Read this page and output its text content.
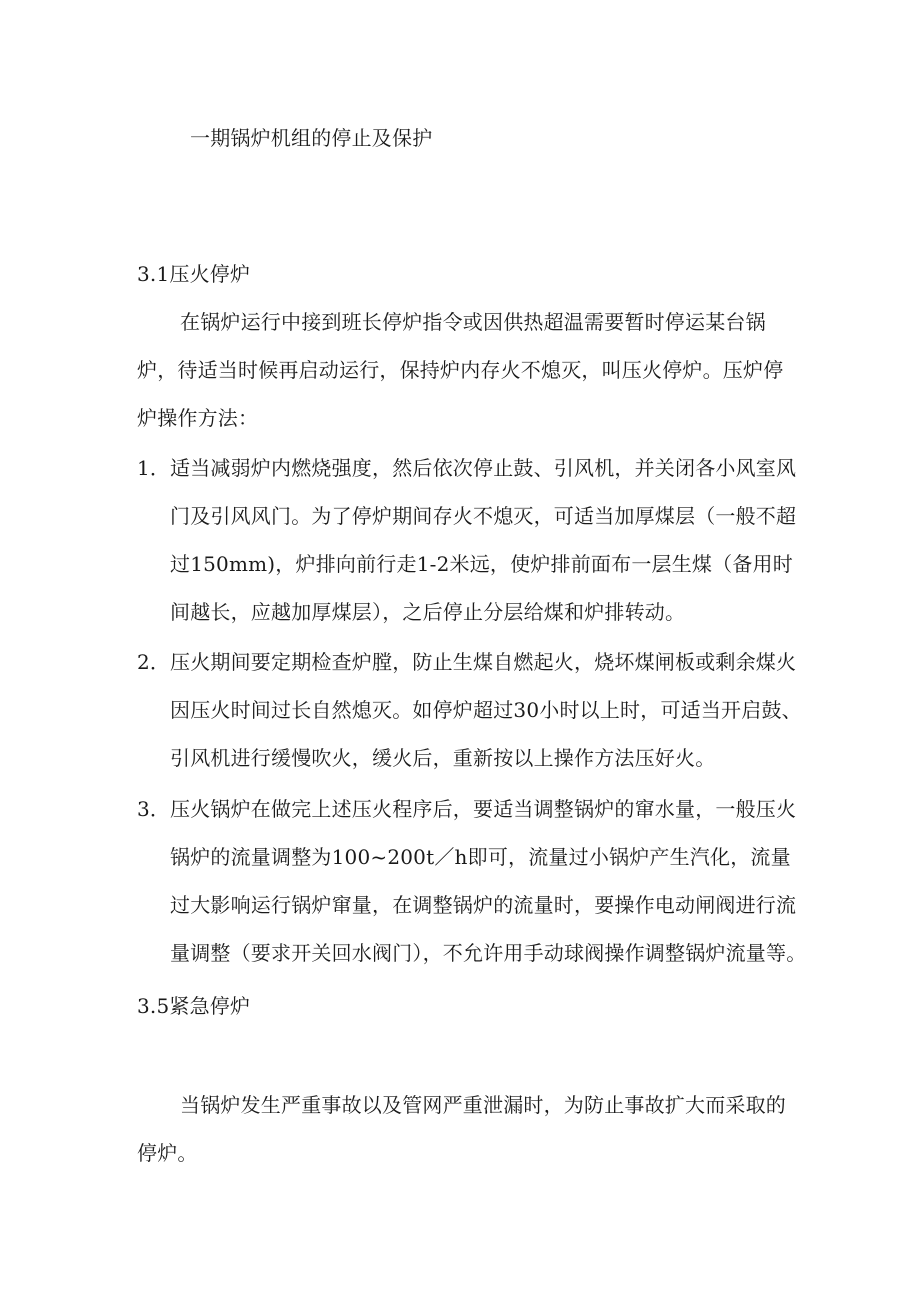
一期锅炉机组的停止及保护
3.1压火停炉
在锅炉运行中接到班长停炉指令或因供热超温需要暂时停运某台锅
炉，待适当时候再启动运行，保持炉内存火不熄灭，叫压火停炉。压炉停
炉操作方法：
1． 适当减弱炉内燃烧强度，然后依次停止鼓、引风机，并关闭各小风室风
门及引风风门。为了停炉期间存火不熄灭，可适当加厚煤层（一般不超
过150mm)，炉排向前行走1-2米远，使炉排前面布一层生煤（备用时
间越长，应越加厚煤层），之后停止分层给煤和炉排转动。
2． 压火期间要定期检查炉膛，防止生煤自燃起火，烧坏煤闸板或剩余煤火
因压火时间过长自然熄灭。如停炉超过30小时以上时，可适当开启鼓、
引风机进行缓慢吹火，缓火后，重新按以上操作方法压好火。
3． 压火锅炉在做完上述压火程序后，要适当调整锅炉的窜水量，一般压火
锅炉的流量调整为100~200t／h即可，流量过小锅炉产生汽化，流量
过大影响运行锅炉窜量，在调整锅炉的流量时，要操作电动闸阀进行流
量调整（要求开关回水阀门），不允许用手动球阀操作调整锅炉流量等。
3.5紧急停炉
当锅炉发生严重事故以及管网严重泄漏时，为防止事故扩大而采取的
停炉。
